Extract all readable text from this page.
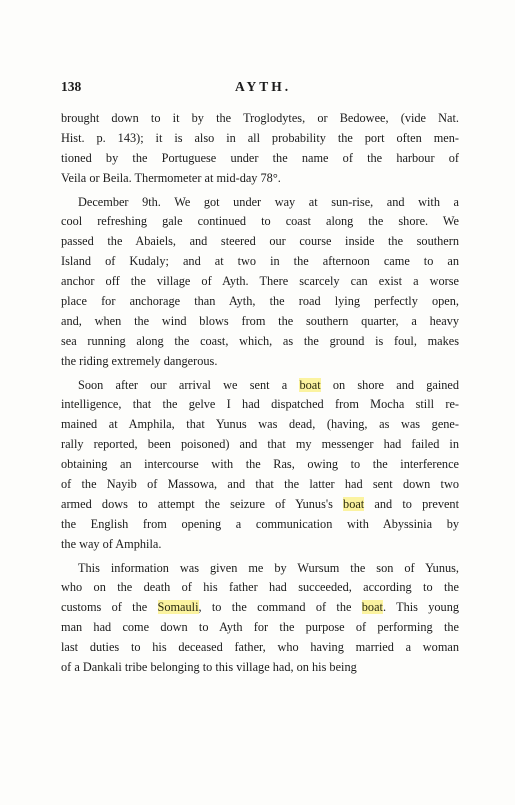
138	AYTH.
brought down to it by the Troglodytes, or Bedowee, (vide Nat.
Hist. p. 143); it is also in all probability the port often men-
tioned by the Portuguese under the name of the harbour of
Veila or Beila. Thermometer at mid-day 78°.
December 9th. We got under way at sun-rise, and with a
cool refreshing gale continued to coast along the shore. We
passed the Abaiels, and steered our course inside the southern
Island of Kudaly; and at two in the afternoon came to an
anchor off the village of Ayth. There scarcely can exist a worse
place for anchorage than Ayth, the road lying perfectly open,
and, when the wind blows from the southern quarter, a heavy
sea running along the coast, which, as the ground is foul, makes
the riding extremely dangerous.
Soon after our arrival we sent a boat on shore and gained
intelligence, that the gelve I had dispatched from Mocha still re-
mained at Amphila, that Yunus was dead, (having, as was gene-
rally reported, been poisoned) and that my messenger had failed in
obtaining an intercourse with the Ras, owing to the interference
of the Nayib of Massowa, and that the latter had sent down two
armed dows to attempt the seizure of Yunus's boat and to prevent
the English from opening a communication with Abyssinia by
the way of Amphila.
This information was given me by Wursum the son of Yunus,
who on the death of his father had succeeded, according to the
customs of the Somauli, to the command of the boat. This young
man had come down to Ayth for the purpose of performing the
last duties to his deceased father, who having married a woman
of a Dankali tribe belonging to this village had, on his being
